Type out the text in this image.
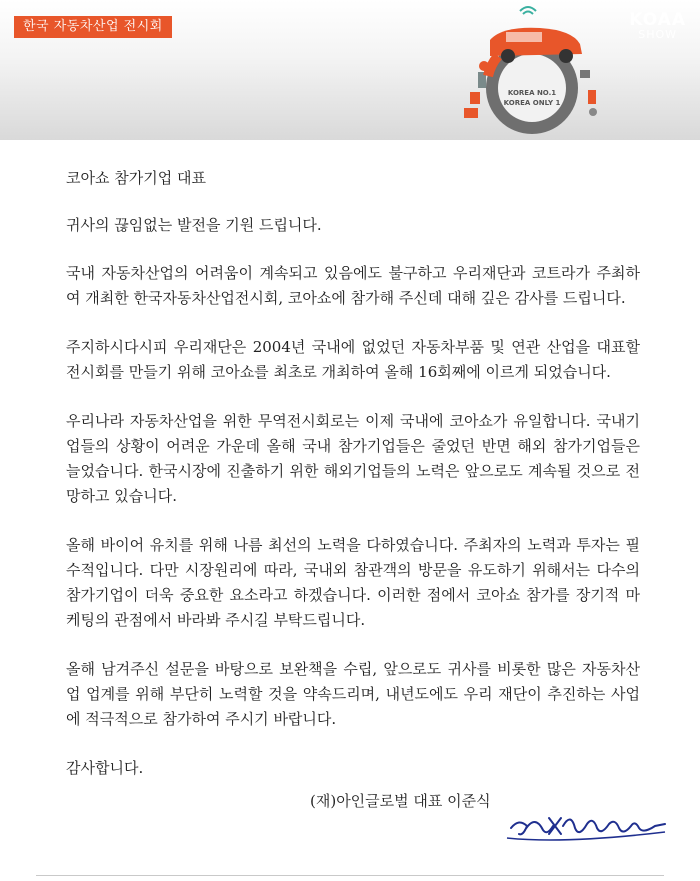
한국 자동차산업 전시회
KOREA NO.1
KOREA ONLY 1
KOAA
SHOW

코아쇼 참가기업 대표

귀사의 끊임없는 발전을 기원 드립니다.

국내 자동차산업의 어려움이 계속되고 있음에도 불구하고 우리재단과 코트라가 주최하여 개최한 한국자동차산업전시회, 코아쇼에 참가해 주신데 대해 깊은 감사를 드립니다.

주지하시다시피 우리재단은 2004년 국내에 없었던 자동차부품 및 연관 산업을 대표할 전시회를 만들기 위해 코아쇼를 최초로 개최하여 올해 16회째에 이르게 되었습니다.

우리나라 자동차산업을 위한 무역전시회로는 이제 국내에 코아쇼가 유일합니다. 국내기업들의 상황이 어려운 가운데 올해 국내 참가기업들은 줄었던 반면 해외 참가기업들은 늘었습니다. 한국시장에 진출하기 위한 해외기업들의 노력은 앞으로도 계속될 것으로 전망하고 있습니다.

올해 바이어 유치를 위해 나름 최선의 노력을 다하였습니다. 주최자의 노력과 투자는 필수적입니다. 다만 시장원리에 따라, 국내외 참관객의 방문을 유도하기 위해서는 다수의 참가기업이 더욱 중요한 요소라고 하겠습니다. 이러한 점에서 코아쇼 참가를 장기적 마케팅의 관점에서 바라봐 주시길 부탁드립니다.

올해 남겨주신 설문을 바탕으로 보완책을 수립, 앞으로도 귀사를 비롯한 많은 자동차산업 업계를 위해 부단히 노력할 것을 약속드리며, 내년도에도 우리 재단이 추진하는 사업에 적극적으로 참가하여 주시기 바랍니다.

감사합니다.

(재)아인글로벌 대표 이준식
